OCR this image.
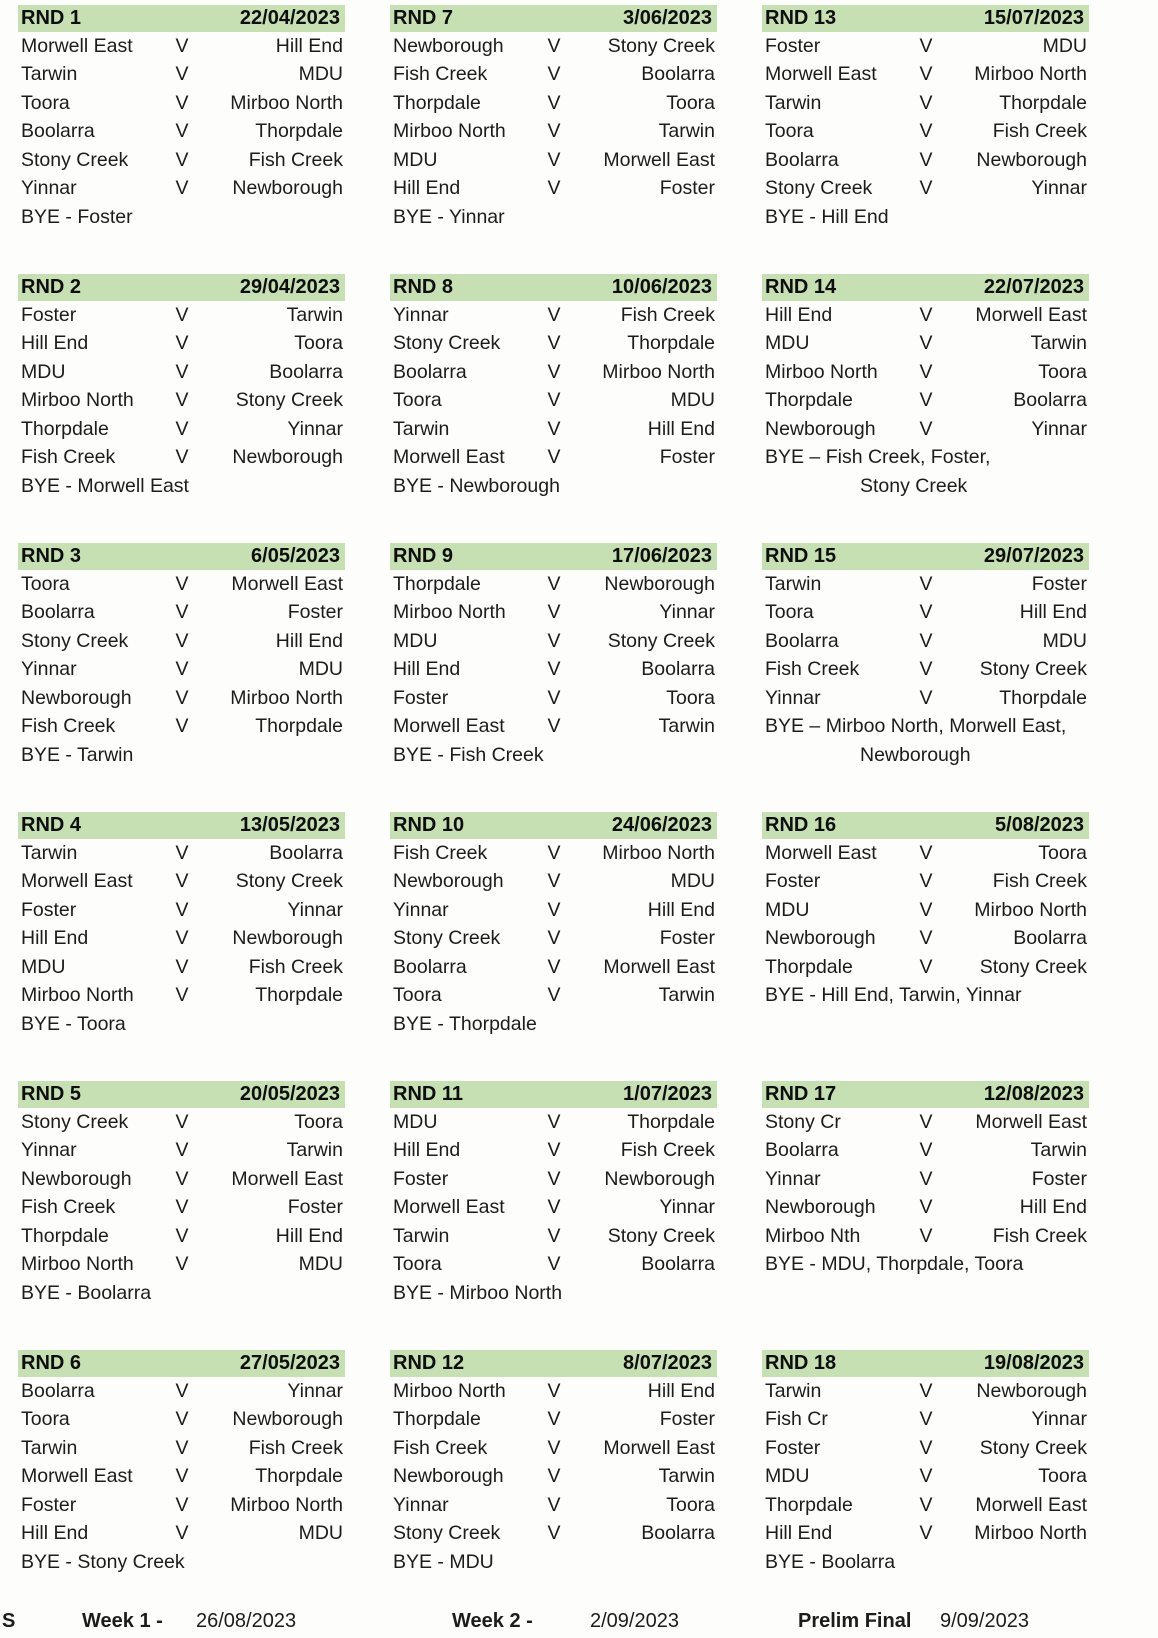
RND 1	22/04/2023
Morwell East	V	Hill End
Tarwin	V	MDU
Toora	V	Mirboo North
Boolarra	V	Thorpdale
Stony Creek	V	Fish Creek
Yinnar	V	Newborough
BYE - Foster
RND 2	29/04/2023
Foster	V	Tarwin
Hill End	V	Toora
MDU	V	Boolarra
Mirboo North	V	Stony Creek
Thorpdale	V	Yinnar
Fish Creek	V	Newborough
BYE - Morwell East
RND 3	6/05/2023
Toora	V	Morwell East
Boolarra	V	Foster
Stony Creek	V	Hill End
Yinnar	V	MDU
Newborough	V	Mirboo North
Fish Creek	V	Thorpdale
BYE - Tarwin
RND 4	13/05/2023
Tarwin	V	Boolarra
Morwell East	V	Stony Creek
Foster	V	Yinnar
Hill End	V	Newborough
MDU	V	Fish Creek
Mirboo North	V	Thorpdale
BYE - Toora
RND 5	20/05/2023
Stony Creek	V	Toora
Yinnar	V	Tarwin
Newborough	V	Morwell East
Fish Creek	V	Foster
Thorpdale	V	Hill End
Mirboo North	V	MDU
BYE - Boolarra
RND 6	27/05/2023
Boolarra	V	Yinnar
Toora	V	Newborough
Tarwin	V	Fish Creek
Morwell East	V	Thorpdale
Foster	V	Mirboo North
Hill End	V	MDU
BYE - Stony Creek
RND 7	3/06/2023
Newborough	V	Stony Creek
Fish Creek	V	Boolarra
Thorpdale	V	Toora
Mirboo North	V	Tarwin
MDU	V	Morwell East
Hill End	V	Foster
BYE - Yinnar
RND 8	10/06/2023
Yinnar	V	Fish Creek
Stony Creek	V	Thorpdale
Boolarra	V	Mirboo North
Toora	V	MDU
Tarwin	V	Hill End
Morwell East	V	Foster
BYE - Newborough
RND 9	17/06/2023
Thorpdale	V	Newborough
Mirboo North	V	Yinnar
MDU	V	Stony Creek
Hill End	V	Boolarra
Foster	V	Toora
Morwell East	V	Tarwin
BYE - Fish Creek
RND 10	24/06/2023
Fish Creek	V	Mirboo North
Newborough	V	MDU
Yinnar	V	Hill End
Stony Creek	V	Foster
Boolarra	V	Morwell East
Toora	V	Tarwin
BYE - Thorpdale
RND 11	1/07/2023
MDU	V	Thorpdale
Hill End	V	Fish Creek
Foster	V	Newborough
Morwell East	V	Yinnar
Tarwin	V	Stony Creek
Toora	V	Boolarra
BYE - Mirboo North
RND 12	8/07/2023
Mirboo North	V	Hill End
Thorpdale	V	Foster
Fish Creek	V	Morwell East
Newborough	V	Tarwin
Yinnar	V	Toora
Stony Creek	V	Boolarra
BYE - MDU
RND 13	15/07/2023
Foster	V	MDU
Morwell East	V	Mirboo North
Tarwin	V	Thorpdale
Toora	V	Fish Creek
Boolarra	V	Newborough
Stony Creek	V	Yinnar
BYE - Hill End
RND 14	22/07/2023
Hill End	V	Morwell East
MDU	V	Tarwin
Mirboo North	V	Toora
Thorpdale	V	Boolarra
Newborough	V	Yinnar
BYE – Fish Creek, Foster,
Stony Creek
RND 15	29/07/2023
Tarwin	V	Foster
Toora	V	Hill End
Boolarra	V	MDU
Fish Creek	V	Stony Creek
Yinnar	V	Thorpdale
BYE – Mirboo North, Morwell East,
Newborough
RND 16	5/08/2023
Morwell East	V	Toora
Foster	V	Fish Creek
MDU	V	Mirboo North
Newborough	V	Boolarra
Thorpdale	V	Stony Creek
BYE - Hill End, Tarwin, Yinnar
RND 17	12/08/2023
Stony Cr	V	Morwell East
Boolarra	V	Tarwin
Yinnar	V	Foster
Newborough	V	Hill End
Mirboo Nth	V	Fish Creek
BYE - MDU, Thorpdale, Toora
RND 18	19/08/2023
Tarwin	V	Newborough
Fish Cr	V	Yinnar
Foster	V	Stony Creek
MDU	V	Toora
Thorpdale	V	Morwell East
Hill End	V	Mirboo North
BYE - Boolarra
S	Week 1 - 26/08/2023	Week 2 -	2/09/2023	Prelim Final 9/09/2023
